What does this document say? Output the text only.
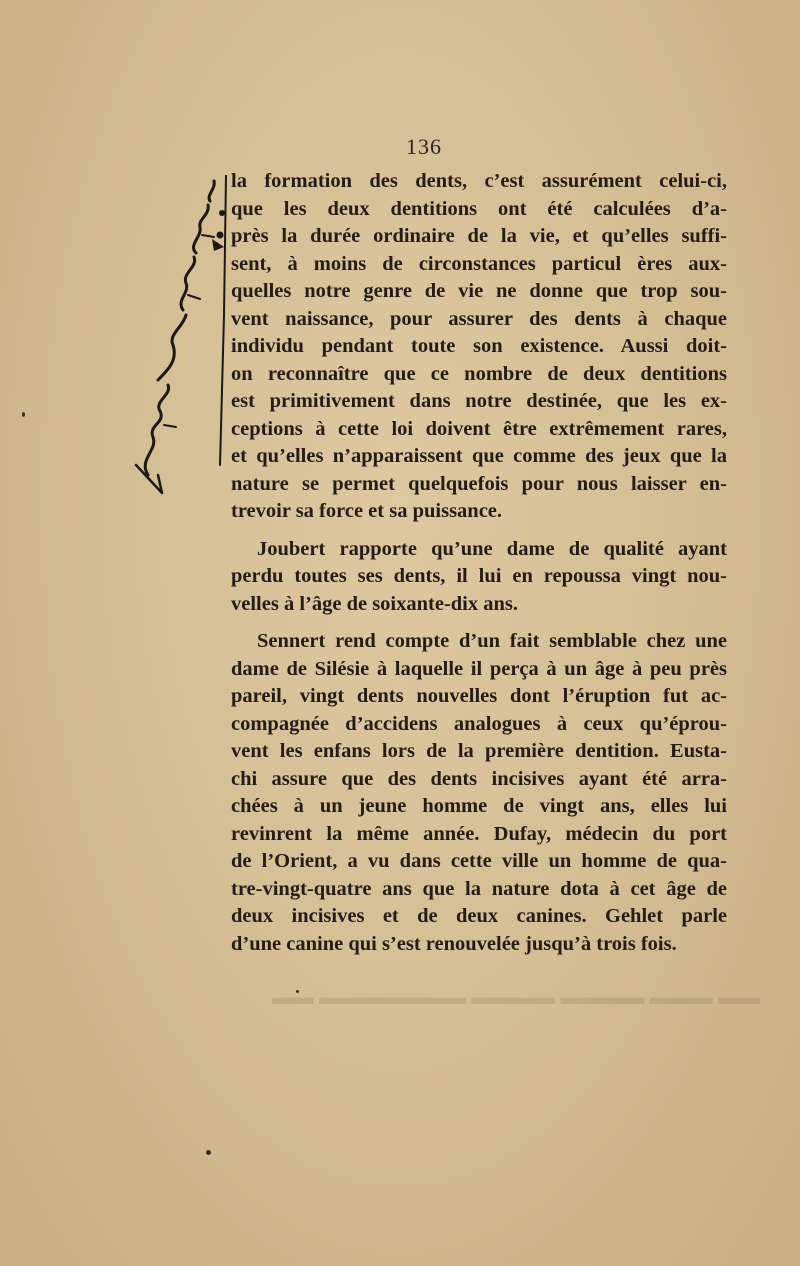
136
la formation des dents, c’est assurément celui-ci,
que les deux dentitions ont été calculées d’a-
près la durée ordinaire de la vie, et qu’elles suffi-
sent, à moins de circonstances particul ères aux-
quelles notre genre de vie ne donne que trop sou-
vent naissance, pour assurer des dents à chaque
individu pendant toute son existence. Aussi doit-
on reconnaître que ce nombre de deux dentitions
est primitivement dans notre destinée, que les ex-
ceptions à cette loi doivent être extrêmement rares,
et qu’elles n’apparaissent que comme des jeux que la
nature se permet quelquefois pour nous laisser en-
trevoir sa force et sa puissance.
Joubert rapporte qu’une dame de qualité ayant
perdu toutes ses dents, il lui en repoussa vingt nou-
velles à l’âge de soixante-dix ans.
Sennert rend compte d’un fait semblable chez une
dame de Silésie à laquelle il perça à un âge à peu près
pareil, vingt dents nouvelles dont l’éruption fut ac-
compagnée d’accidens analogues à ceux qu’éprou-
vent les enfans lors de la première dentition. Eusta-
chi assure que des dents incisives ayant été arra-
chées à un jeune homme de vingt ans, elles lui
revinrent la même année. Dufay, médecin du port
de l’Orient, a vu dans cette ville un homme de qua-
tre-vingt-quatre ans que la nature dota à cet âge de
deux incisives et de deux canines. Gehlet parle
d’une canine qui s’est renouvelée jusqu’à trois fois.
▬▬ ▬▬▬ ▬▬▬▬ ▬▬▬▬ ▬▬▬▬▬▬▬ ▬▬
